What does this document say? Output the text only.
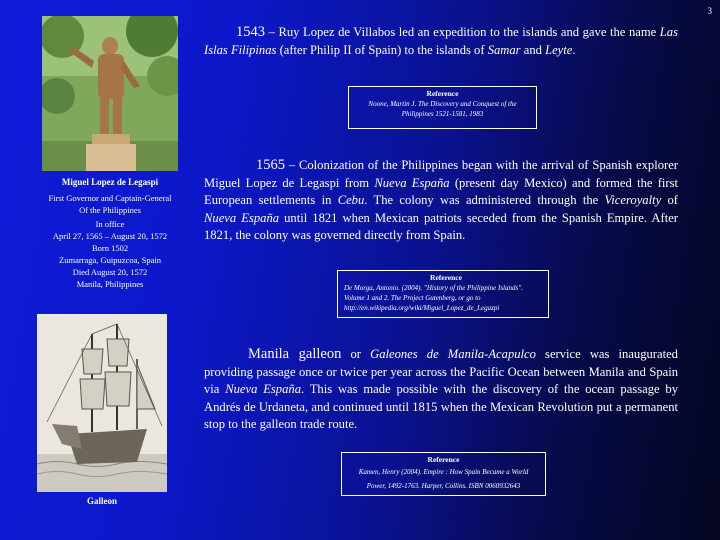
3
Miguel Lopez de Legaspi
First Governor and Captain-General
Of the Philippines
In office
April 27, 1565 – August 20, 1572
Born 1502
Zumarraga, Guipuzcoa, Spain
Died August 20, 1572
Manila, Philippines
Galleon
1543 – Ruy Lopez de Villabos led an expedition to the islands and gave the name Las Islas Filipinas (after Philip II of Spain) to the islands of Samar and Leyte.
Reference
Noone, Martin J. The Discovery and Conquest of the
Philippines 1521-1581, 1983
1565 – Colonization of the Philippines began with the arrival of Spanish explorer Miguel Lopez de Legaspi from Nueva España (present day Mexico) and formed the first European settlements in Cebu. The colony was administered through the Viceroyalty of Nueva España until 1821 when Mexican patriots seceded from the Spanish Empire. After 1821, the colony was governed directly from Spain.
Reference
De Morga, Antonio. (2004). "History of the Philippine Islands".
Volume 1 and 2. The Project Gutenberg, or go to
http://en.wikipedia.org/wiki/Miguel_Lopez_de_Legazpi
Manila galleon or Galeones de Manila-Acapulco service was inaugurated providing passage once or twice per year across the Pacific Ocean between Manila and Spain via Nueva España. This was made possible with the discovery of the ocean passage by Andrés de Urdaneta, and continued until 1815 when the Mexican Revolution put a permanent stop to the galleon trade route.
Reference
Kamen, Henry (2004). Empire : How Spain Became a World
Power, 1492-1763. Harper, Collins. ISBN 0060932643
